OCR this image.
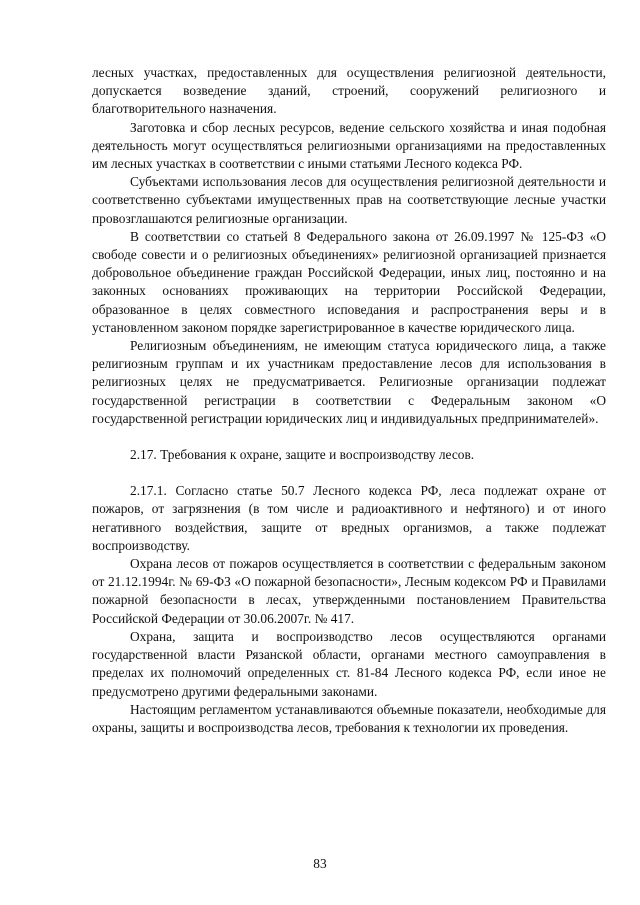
лесных участках, предоставленных для осуществления религиозной деятельности, допускается возведение зданий, строений, сооружений религиозного и благотворительного назначения.

Заготовка и сбор лесных ресурсов, ведение сельского хозяйства и иная подобная деятельность могут осуществляться религиозными организациями на предоставленных им лесных участках в соответствии с иными статьями Лесного кодекса РФ.

Субъектами использования лесов для осуществления религиозной деятельности и соответственно субъектами имущественных прав на соответствующие лесные участки провозглашаются религиозные организации.

В соответствии со статьей 8 Федерального закона от 26.09.1997 № 125-ФЗ «О свободе совести и о религиозных объединениях» религиозной организацией признается добровольное объединение граждан Российской Федерации, иных лиц, постоянно и на законных основаниях проживающих на территории Российской Федерации, образованное в целях совместного исповедания и распространения веры и в установленном законом порядке зарегистрированное в качестве юридического лица.

Религиозным объединениям, не имеющим статуса юридического лица, а также религиозным группам и их участникам предоставление лесов для использования в религиозных целях не предусматривается. Религиозные организации подлежат государственной регистрации в соответствии с Федеральным законом «О государственной регистрации юридических лиц и индивидуальных предпринимателей».

2.17. Требования к охране, защите и воспроизводству лесов.

2.17.1. Согласно статье 50.7 Лесного кодекса РФ, леса подлежат охране от пожаров, от загрязнения (в том числе и радиоактивного и нефтяного) и от иного негативного воздействия, защите от вредных организмов, а также подлежат воспроизводству.

Охрана лесов от пожаров осуществляется в соответствии с федеральным законом от 21.12.1994г. № 69-ФЗ «О пожарной безопасности», Лесным кодексом РФ и Правилами пожарной безопасности в лесах, утвержденными постановлением Правительства Российской Федерации от 30.06.2007г. № 417.

Охрана, защита и воспроизводство лесов осуществляются органами государственной власти Рязанской области, органами местного самоуправления в пределах их полномочий определенных ст. 81-84 Лесного кодекса РФ, если иное не предусмотрено другими федеральными законами.

Настоящим регламентом устанавливаются объемные показатели, необходимые для охраны, защиты и воспроизводства лесов, требования к технологии их проведения.

83
